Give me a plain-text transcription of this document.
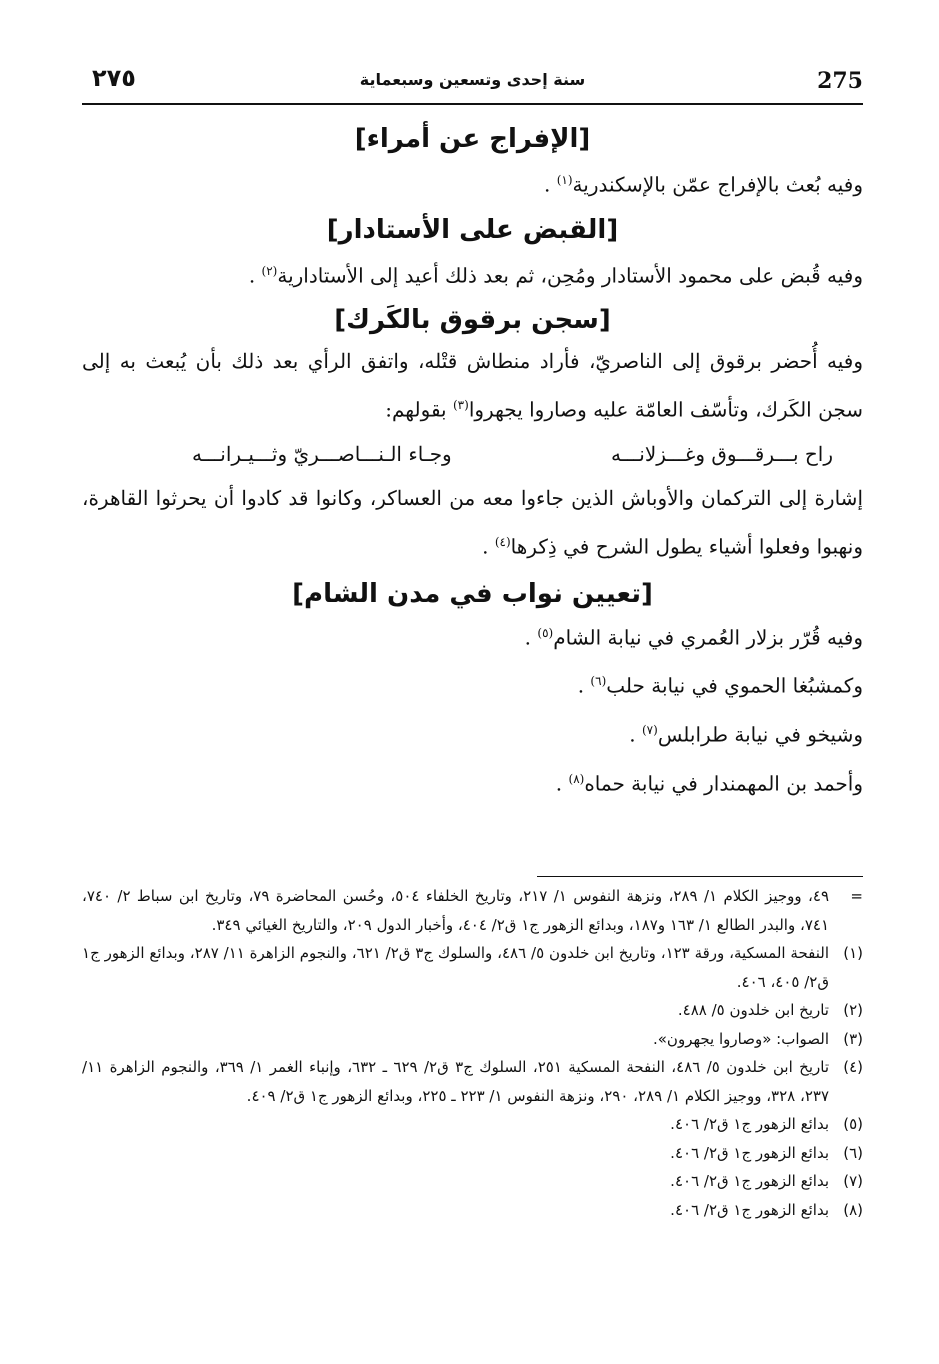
٢٧٥	سنة إحدى وتسعين وسبعماية	275
[الإفراج عن أمراء]

وفيه بُعث بالإفراج عمّن بالإسكندرية$^{(١)}$ .

[القبض على الأستادار]

وفيه قُبض على محمود الأستادار ومُحِن، ثم بعد ذلك أعيد إلى الأستادارية$^{(٢)}$ .

[سجن برقوق بالكَرك]

وفيه أُحضر برقوق إلى الناصريّ، فأراد منطاش قتْله، واتفق الرأي بعد ذلك بأن يُبعث به إلى سجن الكَرك، وتأسّف العامّة عليه وصاروا يجهروا$^{(٣)}$ بقولهم:

راح بـــرقـــوق وغـــزلانـــه
وجـاء الـنـــاصـــريّ وثـــيـرانـــه

إشارة إلى التركمان والأوباش الذين جاءوا معه من العساكر، وكانوا قد كادوا أن يحرثوا القاهرة، ونهبوا وفعلوا أشياء يطول الشرح في ذِكرها$^{(٤)}$ .

[تعيين نواب في مدن الشام]

وفيه قُرّر بزلار العُمري في نيابة الشام$^{(٥)}$ .

وكمشبُغا الحموي في نيابة حلب$^{(٦)}$ .

وشيخو في نيابة طرابلس$^{(٧)}$ .

وأحمد بن المهمندار في نيابة حماه$^{(٨)}$ .

=
٤٩، ووجيز الكلام ١/ ٢٨٩، ونزهة النفوس ١/ ٢١٧، وتاريخ الخلفاء ٥٠٤، وحُسن المحاضرة ٧٩، وتاريخ ابن سباط ٢/ ٧٤٠، ٧٤١، والبدر الطالع ١/ ١٦٣ و١٨٧، وبدائع الزهور ج١ ق٢/ ٤٠٤، وأخبار الدول ٢٠٩، والتاريخ الغيائي ٣٤٩.
(١)
النفحة المسكية، ورقة ١٢٣، وتاريخ ابن خلدون ٥/ ٤٨٦، والسلوك ج٣ ق٢/ ٦٢١، والنجوم الزاهرة ١١/ ٢٨٧، وبدائع الزهور ج١ ق٢/ ٤٠٥، ٤٠٦.
(٢)
تاريخ ابن خلدون ٥/ ٤٨٨.
(٣)
الصواب: «وصاروا يجهرون».
(٤)
تاريخ ابن خلدون ٥/ ٤٨٦، النفحة المسكية ٢٥١، السلوك ج٣ ق٢/ ٦٢٩ ـ ٦٣٢، وإنباء الغمر ١/ ٣٦٩، والنجوم الزاهرة ١١/ ٢٣٧، ٣٢٨، ووجيز الكلام ١/ ٢٨٩، ٢٩٠، ونزهة النفوس ١/ ٢٢٣ ـ ٢٢٥، وبدائع الزهور ج١ ق٢/ ٤٠٩.
(٥)
بدائع الزهور ج١ ق٢/ ٤٠٦.
(٦)
بدائع الزهور ج١ ق٢/ ٤٠٦.
(٧)
بدائع الزهور ج١ ق٢/ ٤٠٦.
(٨)
بدائع الزهور ج١ ق٢/ ٤٠٦.
